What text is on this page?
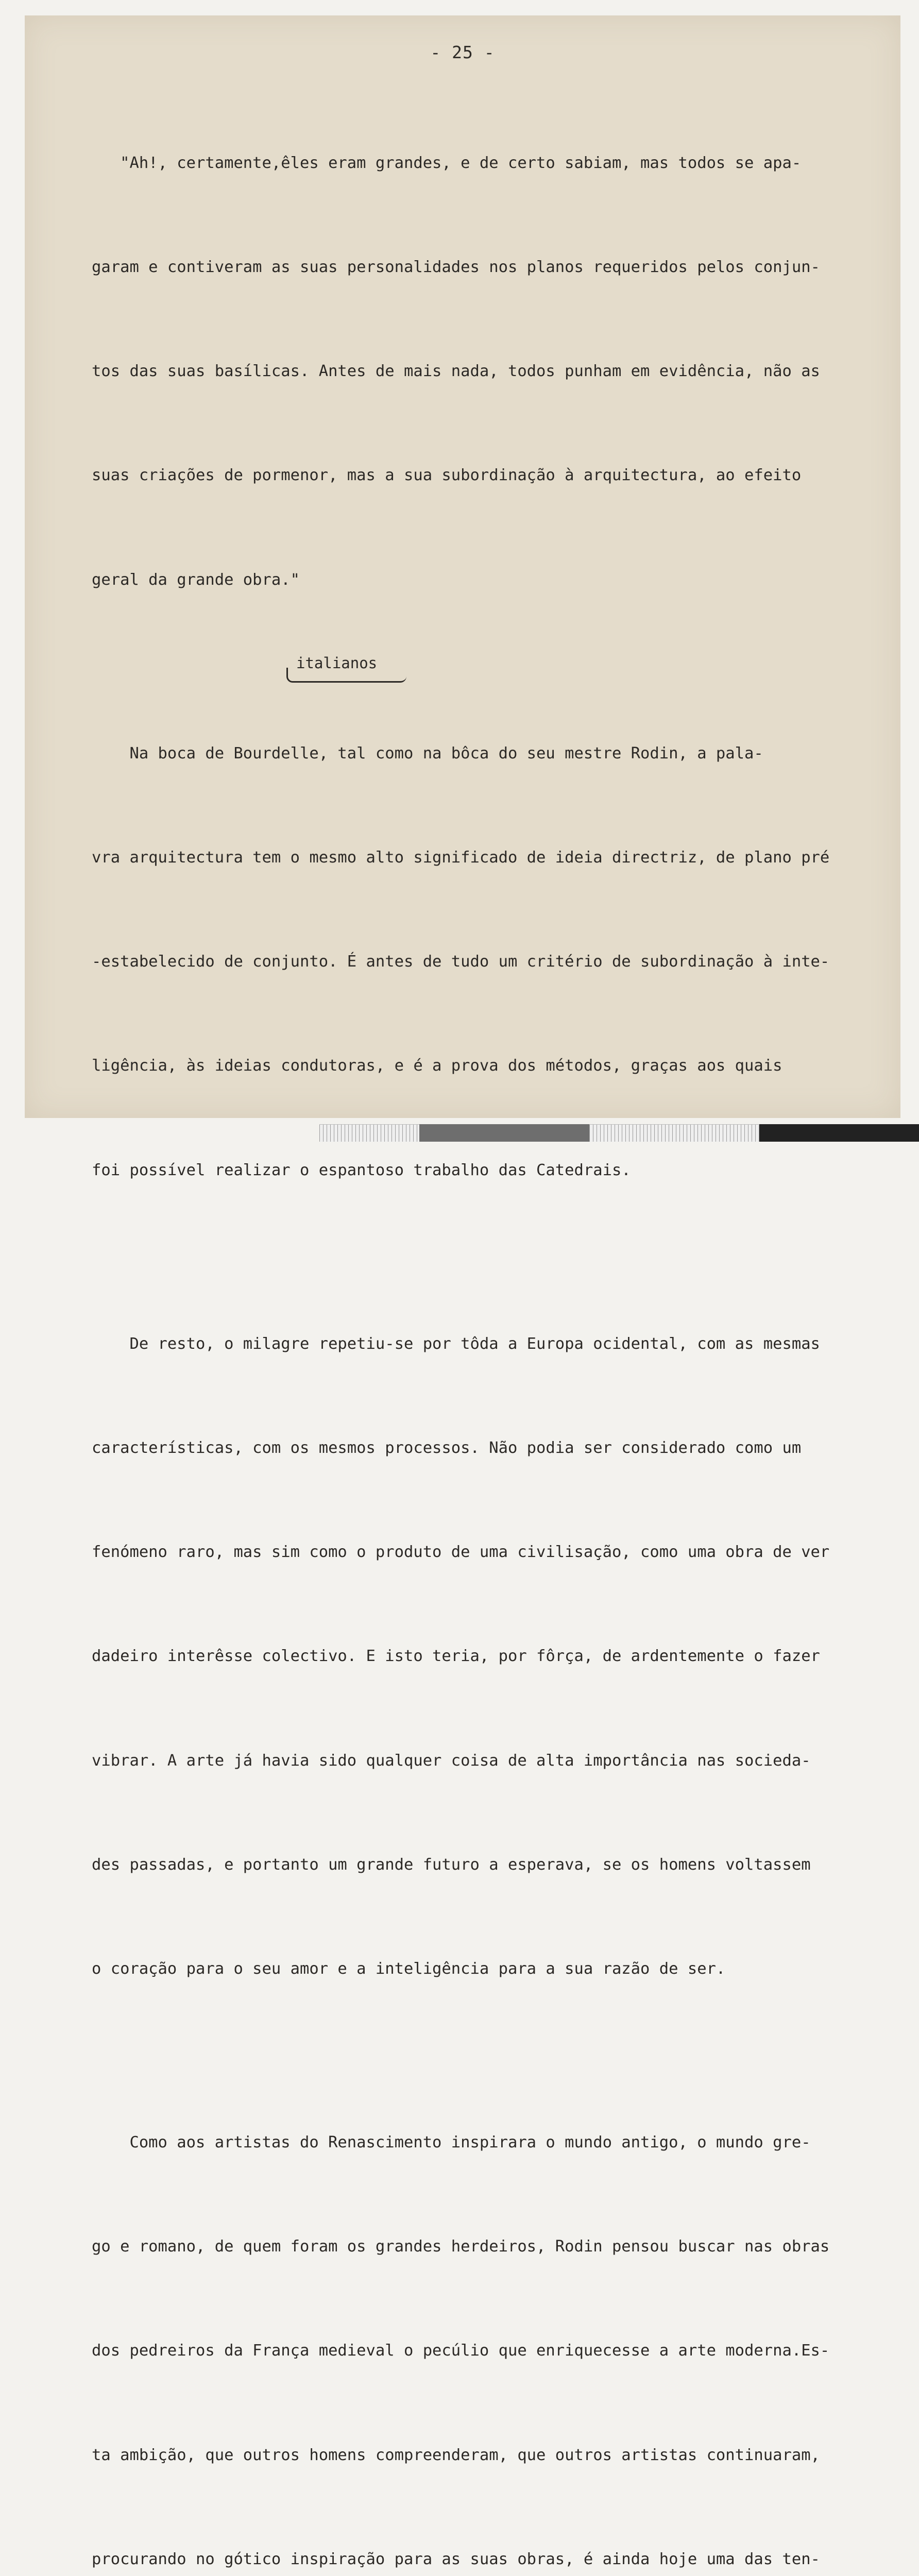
- 25 -

"Ah!, certamente,êles eram grandes, e de certo sabiam, mas todos se apa-

garam e contiveram as suas personalidades nos planos requeridos pelos conjun-

tos das suas basílicas. Antes de mais nada, todos punham em evidência, não as

suas criações de pormenor, mas a sua subordinação à arquitectura, ao efeito

geral da grande obra."

Na boca de Bourdelle, tal como na bôca do seu mestre Rodin, a pala-

vra arquitectura tem o mesmo alto significado de ideia directriz, de plano pré

-estabelecido de conjunto. É antes de tudo um critério de subordinação à inte-

ligência, às ideias condutoras, e é a prova dos métodos, graças aos quais

foi possível realizar o espantoso trabalho das Catedrais.

De resto, o milagre repetiu-se por tôda a Europa ocidental, com as mesmas

características, com os mesmos processos. Não podia ser considerado como um

fenómeno raro, mas sim como o produto de uma civilisação, como uma obra de ver

dadeiro interêsse colectivo. E isto teria, por fôrça, de ardentemente o fazer

vibrar. A arte já havia sido qualquer coisa de alta importância nas socieda-

des passadas, e portanto um grande futuro a esperava, se os homens voltassem

o coração para o seu amor e a inteligência para a sua razão de ser.

Como aos artistas do Renascimento inspirara o mundo antigo, o mundo gre-

go e romano, de quem foram os grandes herdeiros, Rodin pensou buscar nas obras

dos pedreiros da França medieval o pecúlio que enriquecesse a arte moderna.Es-

ta ambição, que outros homens compreenderam, que outros artistas continuaram,

procurando no gótico inspiração para as suas obras, é ainda hoje uma das ten-

italianos
